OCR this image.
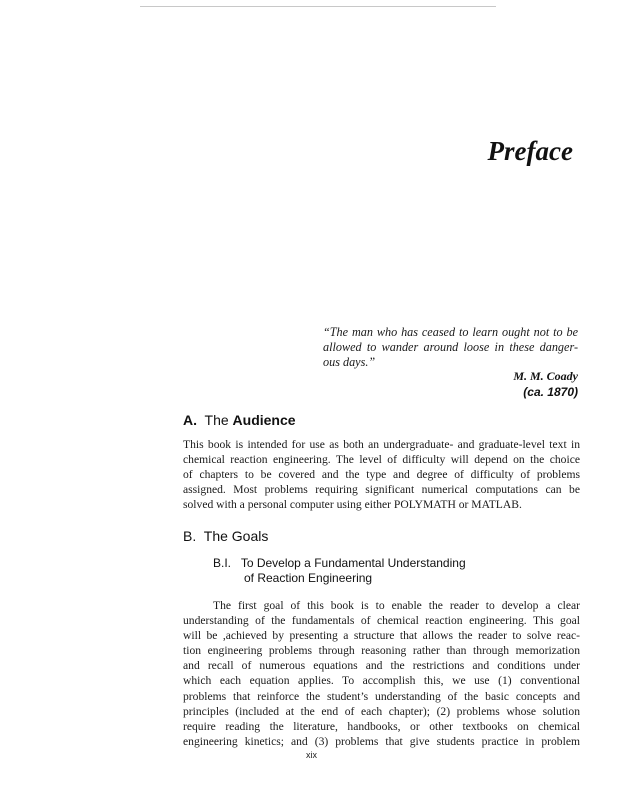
Preface
“The man who has ceased to learn ought not to be allowed to wander around loose in these danger- ous days.”
M. M. Coady
(ca. 1870)
A. The Audience
This book is intended for use as both an undergraduate- and graduate-level text in
chemical reaction engineering. The level of difficulty will depend on the choice
of chapters to be covered and the type and degree of difficulty of problems
assigned. Most problems requiring significant numerical computations can be
solved with a personal computer using either POLYMATH or MATLAB.
B. The Goals
B.I. To Develop a Fundamental Understanding
of Reaction Engineering
The first goal of this book is to enable the reader to develop a clear
understanding of the fundamentals of chemical reaction engineering. This goal
will be ,achieved by presenting a structure that allows the reader to solve reac-
tion engineering problems through reasoning rather than through memorization
and recall of numerous equations and the restrictions and conditions under
which each equation applies. To accomplish this, we use (1) conventional
problems that reinforce the student’s understanding of the basic concepts and
principles (included at the end of each chapter); (2) problems whose solution
require reading the literature, handbooks, or other textbooks on chemical
engineering kinetics; and (3) problems that give students practice in problem
xix
